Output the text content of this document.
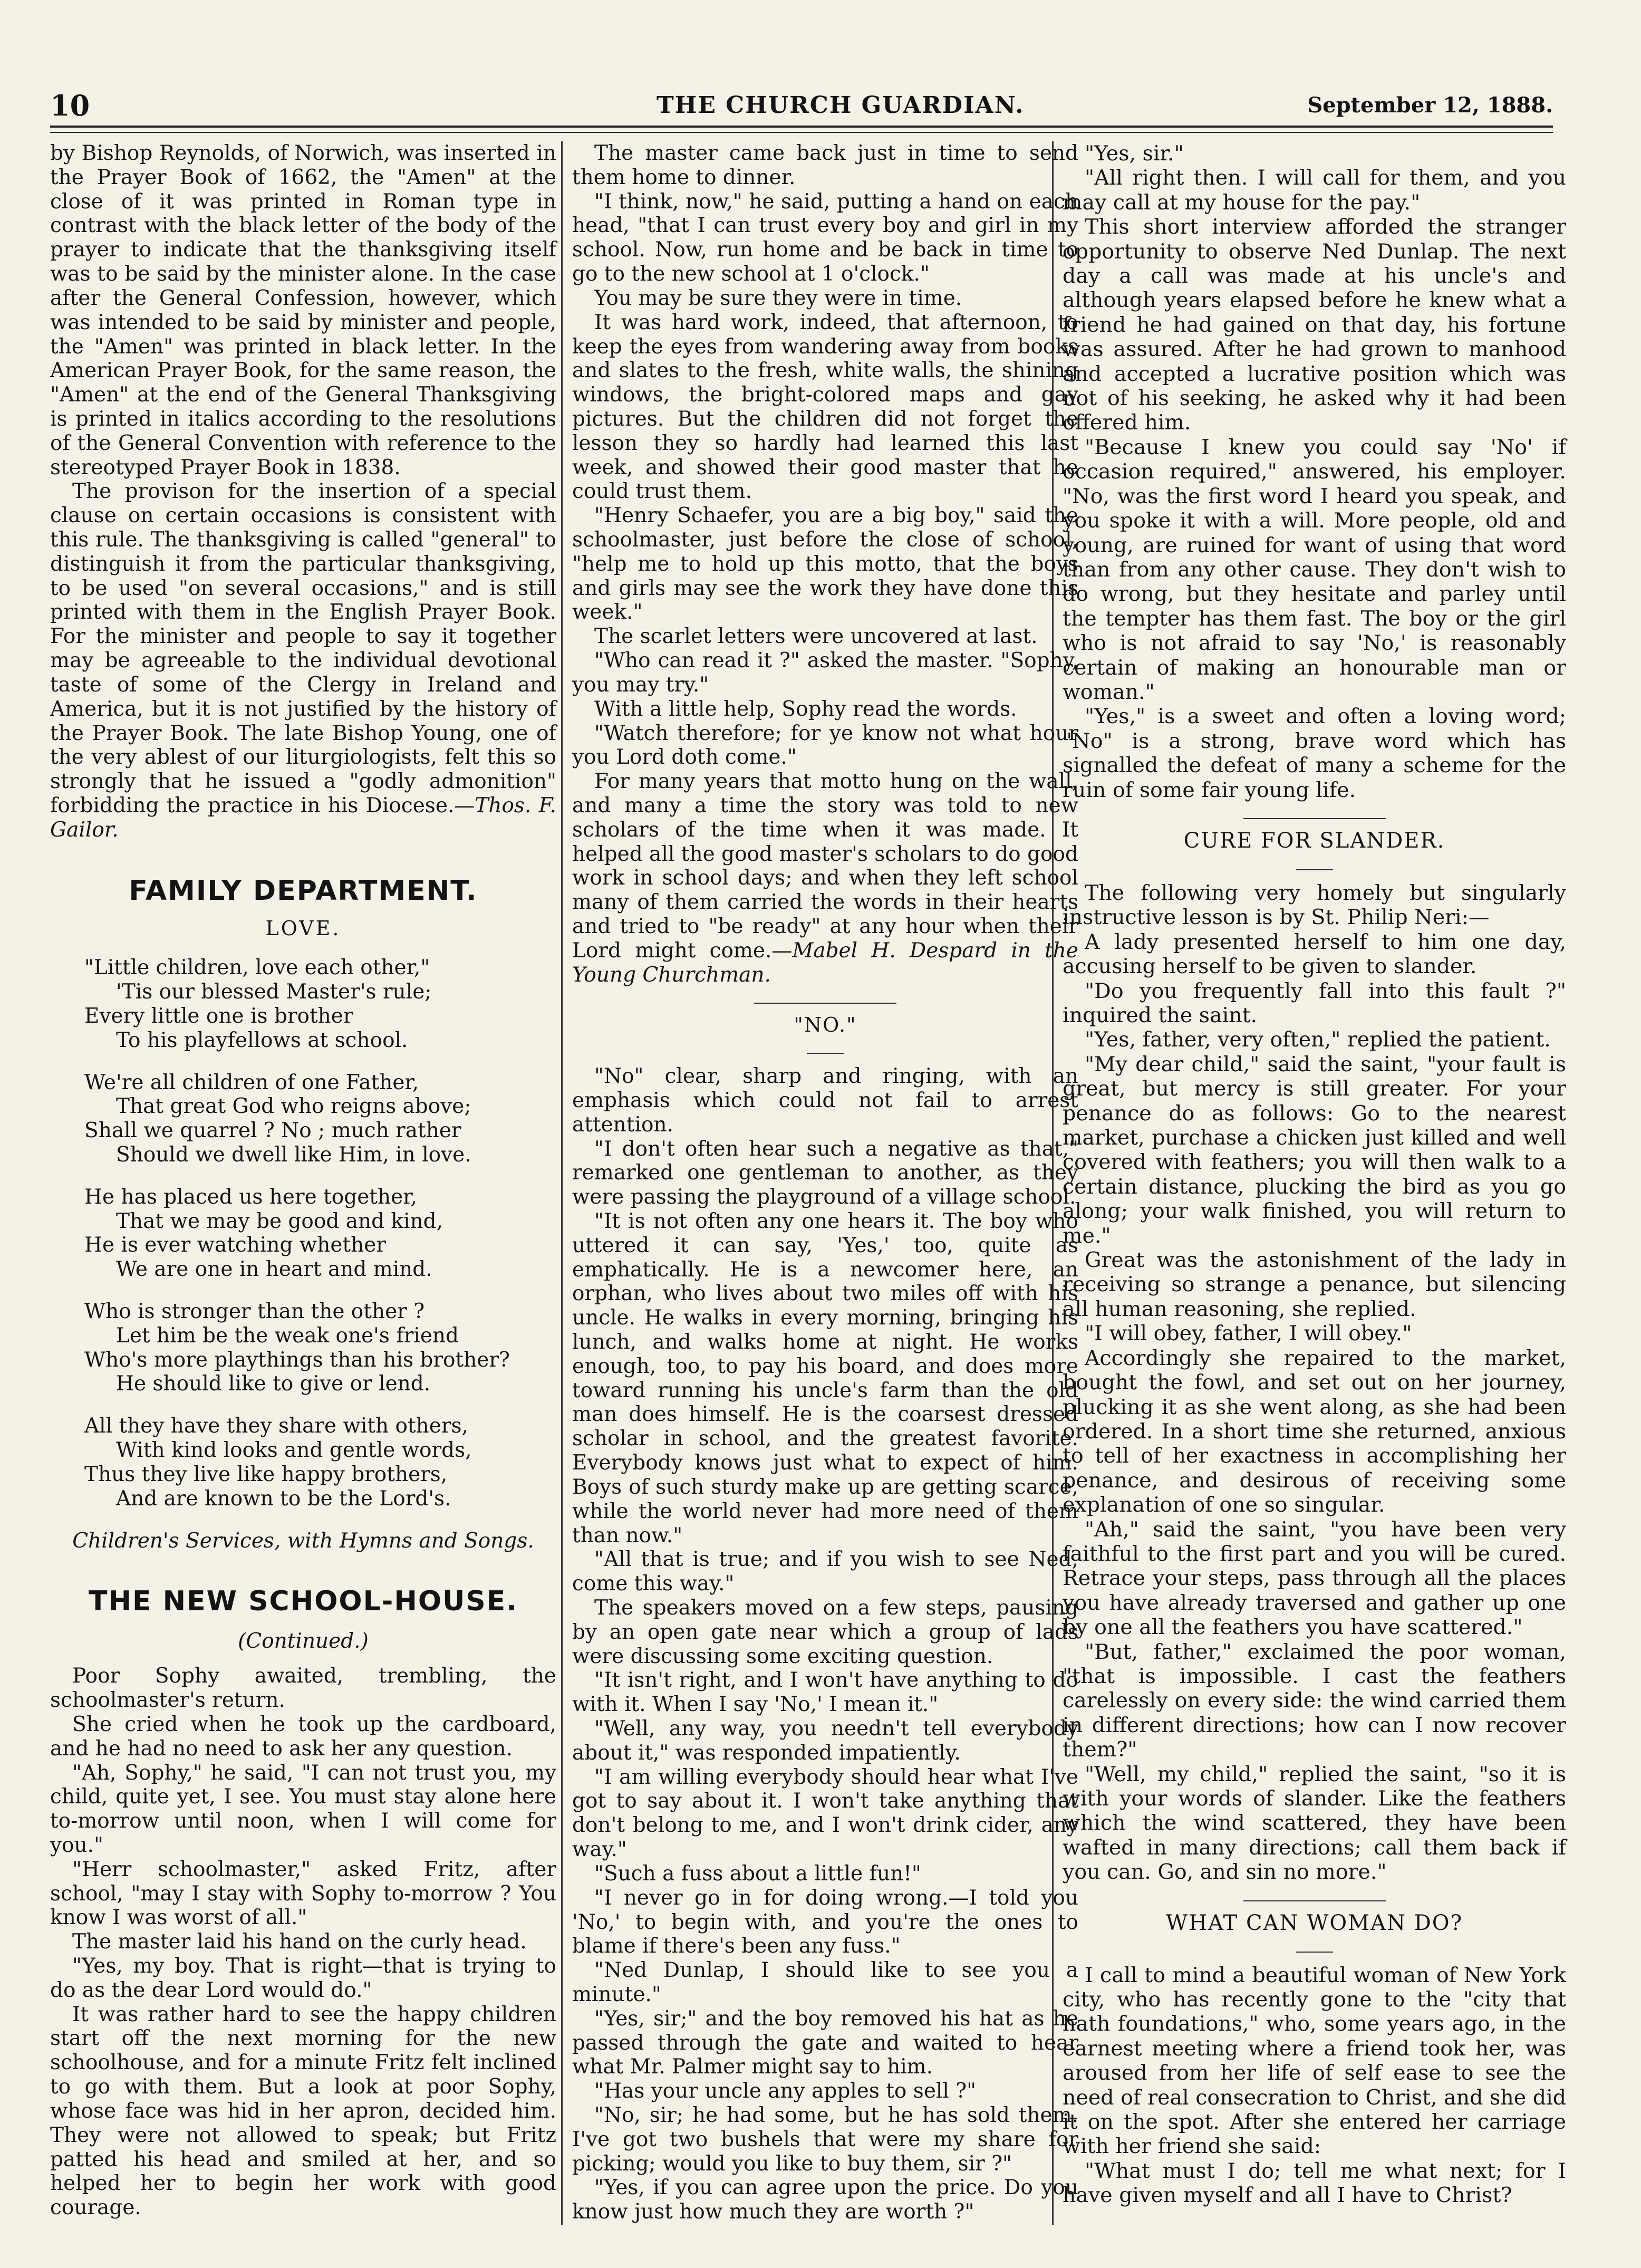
10	THE CHURCH GUARDIAN.	September 12, 1888.

by Bishop Reynolds, of Norwich, was inserted in the Prayer Book of 1662, the "Amen" at the close of it was printed in Roman type in contrast with the black letter of the body of the prayer to indicate that the thanksgiving itself was to be said by the minister alone. In the case after the General Confession, however, which was intended to be said by minister and people, the "Amen" was printed in black letter. In the American Prayer Book, for the same reason, the "Amen" at the end of the General Thanksgiving is printed in italics according to the resolutions of the General Convention with reference to the stereotyped Prayer Book in 1838.

The provison for the insertion of a special clause on certain occasions is consistent with this rule. The thanksgiving is called "general" to distinguish it from the particular thanksgiving, to be used "on several occasions," and is still printed with them in the English Prayer Book. For the minister and people to say it together may be agreeable to the individual devotional taste of some of the Clergy in Ireland and America, but it is not justified by the history of the Prayer Book. The late Bishop Young, one of the very ablest of our liturgiologists, felt this so strongly that he issued a "godly admonition" forbidding the practice in his Diocese.—Thos. F. Gailor.

FAMILY DEPARTMENT.
LOVE.
"Little children, love each other,"
'Tis our blessed Master's rule;
Every little one is brother
To his playfellows at school.
We're all children of one Father,
That great God who reigns above;
Shall we quarrel ? No ; much rather
Should we dwell like Him, in love.
He has placed us here together,
That we may be good and kind,
He is ever watching whether
We are one in heart and mind.
Who is stronger than the other ?
Let him be the weak one's friend
Who's more playthings than his brother?
He should like to give or lend.
All they have they share with others,
With kind looks and gentle words,
Thus they live like happy brothers,
And are known to be the Lord's.
Children's Services, with Hymns and Songs.
THE NEW SCHOOL-HOUSE.
(Continued.)

Poor Sophy awaited, trembling, the schoolmaster's return.

She cried when he took up the cardboard, and he had no need to ask her any question.

"Ah, Sophy," he said, "I can not trust you, my child, quite yet, I see. You must stay alone here to-morrow until noon, when I will come for you."

"Herr schoolmaster," asked Fritz, after school, "may I stay with Sophy to-morrow ? You know I was worst of all."

The master laid his hand on the curly head.

"Yes, my boy. That is right—that is trying to do as the dear Lord would do."

It was rather hard to see the happy children start off the next morning for the new schoolhouse, and for a minute Fritz felt inclined to go with them. But a look at poor Sophy, whose face was hid in her apron, decided him. They were not allowed to speak; but Fritz patted his head and smiled at her, and so helped her to begin her work with good courage.

The master came back just in time to send them home to dinner.

"I think, now," he said, putting a hand on each head, "that I can trust every boy and girl in my school. Now, run home and be back in time to go to the new school at 1 o'clock."

You may be sure they were in time.

It was hard work, indeed, that afternoon, to keep the eyes from wandering away from books and slates to the fresh, white walls, the shining windows, the bright-colored maps and gay pictures. But the children did not forget the lesson they so hardly had learned this last week, and showed their good master that he could trust them.

"Henry Schaefer, you are a big boy," said the schoolmaster, just before the close of school, "help me to hold up this motto, that the boys and girls may see the work they have done this week."

The scarlet letters were uncovered at last.

"Who can read it ?" asked the master. "Sophy, you may try."

With a little help, Sophy read the words.

"Watch therefore; for ye know not what hour you Lord doth come."

For many years that motto hung on the wall, and many a time the story was told to new scholars of the time when it was made. It helped all the good master's scholars to do good work in school days; and when they left school many of them carried the words in their hearts and tried to "be ready" at any hour when their Lord might come.—Mabel H. Despard in the Young Churchman.

"NO."

"No" clear, sharp and ringing, with an emphasis which could not fail to arrest attention.

"I don't often hear such a negative as that," remarked one gentleman to another, as they were passing the playground of a village school.

"It is not often any one hears it. The boy who uttered it can say, 'Yes,' too, quite as emphatically. He is a newcomer here, an orphan, who lives about two miles off with his uncle. He walks in every morning, bringing his lunch, and walks home at night. He works enough, too, to pay his board, and does more toward running his uncle's farm than the old man does himself. He is the coarsest dressed scholar in school, and the greatest favorite. Everybody knows just what to expect of him. Boys of such sturdy make up are getting scarce, while the world never had more need of them than now."

"All that is true; and if you wish to see Ned, come this way."

The speakers moved on a few steps, pausing by an open gate near which a group of lads were discussing some exciting question.

"It isn't right, and I won't have anything to do with it. When I say 'No,' I mean it."

"Well, any way, you needn't tell everybody about it," was responded impatiently.

"I am willing everybody should hear what I've got to say about it. I won't take anything that don't belong to me, and I won't drink cider, any way."

"Such a fuss about a little fun!"

"I never go in for doing wrong.—I told you 'No,' to begin with, and you're the ones to blame if there's been any fuss."

"Ned Dunlap, I should like to see you a minute."

"Yes, sir;" and the boy removed his hat as he passed through the gate and waited to hear what Mr. Palmer might say to him.

"Has your uncle any apples to sell ?"

"No, sir; he had some, but he has sold them. I've got two bushels that were my share for picking; would you like to buy them, sir ?"

"Yes, if you can agree upon the price. Do you know just how much they are worth ?"

"Yes, sir."

"All right then. I will call for them, and you may call at my house for the pay."

This short interview afforded the stranger opportunity to observe Ned Dunlap. The next day a call was made at his uncle's and although years elapsed before he knew what a friend he had gained on that day, his fortune was assured. After he had grown to manhood and accepted a lucrative position which was not of his seeking, he asked why it had been offered him.

"Because I knew you could say 'No' if occasion required," answered, his employer. "No, was the first word I heard you speak, and you spoke it with a will. More people, old and young, are ruined for want of using that word than from any other cause. They don't wish to do wrong, but they hesitate and parley until the tempter has them fast. The boy or the girl who is not afraid to say 'No,' is reasonably certain of making an honourable man or woman."

"Yes," is a sweet and often a loving word; "No" is a strong, brave word which has signalled the defeat of many a scheme for the ruin of some fair young life.

CURE FOR SLANDER.

The following very homely but singularly instructive lesson is by St. Philip Neri:—

A lady presented herself to him one day, accusing herself to be given to slander.

"Do you frequently fall into this fault ?" inquired the saint.

"Yes, father, very often," replied the patient.

"My dear child," said the saint, "your fault is great, but mercy is still greater. For your penance do as follows: Go to the nearest market, purchase a chicken just killed and well covered with feathers; you will then walk to a certain distance, plucking the bird as you go along; your walk finished, you will return to me."

Great was the astonishment of the lady in receiving so strange a penance, but silencing all human reasoning, she replied.

"I will obey, father, I will obey."

Accordingly she repaired to the market, bought the fowl, and set out on her journey, plucking it as she went along, as she had been ordered. In a short time she returned, anxious to tell of her exactness in accomplishing her penance, and desirous of receiving some explanation of one so singular.

"Ah," said the saint, "you have been very faithful to the first part and you will be cured. Retrace your steps, pass through all the places you have already traversed and gather up one by one all the feathers you have scattered."

"But, father," exclaimed the poor woman, "that is impossible. I cast the feathers carelessly on every side: the wind carried them in different directions; how can I now recover them?"

"Well, my child," replied the saint, "so it is with your words of slander. Like the feathers which the wind scattered, they have been wafted in many directions; call them back if you can. Go, and sin no more."

WHAT CAN WOMAN DO?

I call to mind a beautiful woman of New York city, who has recently gone to the "city that hath foundations," who, some years ago, in the earnest meeting where a friend took her, was aroused from her life of self ease to see the need of real consecration to Christ, and she did it on the spot. After she entered her carriage with her friend she said:

"What must I do; tell me what next; for I have given myself and all I have to Christ?
